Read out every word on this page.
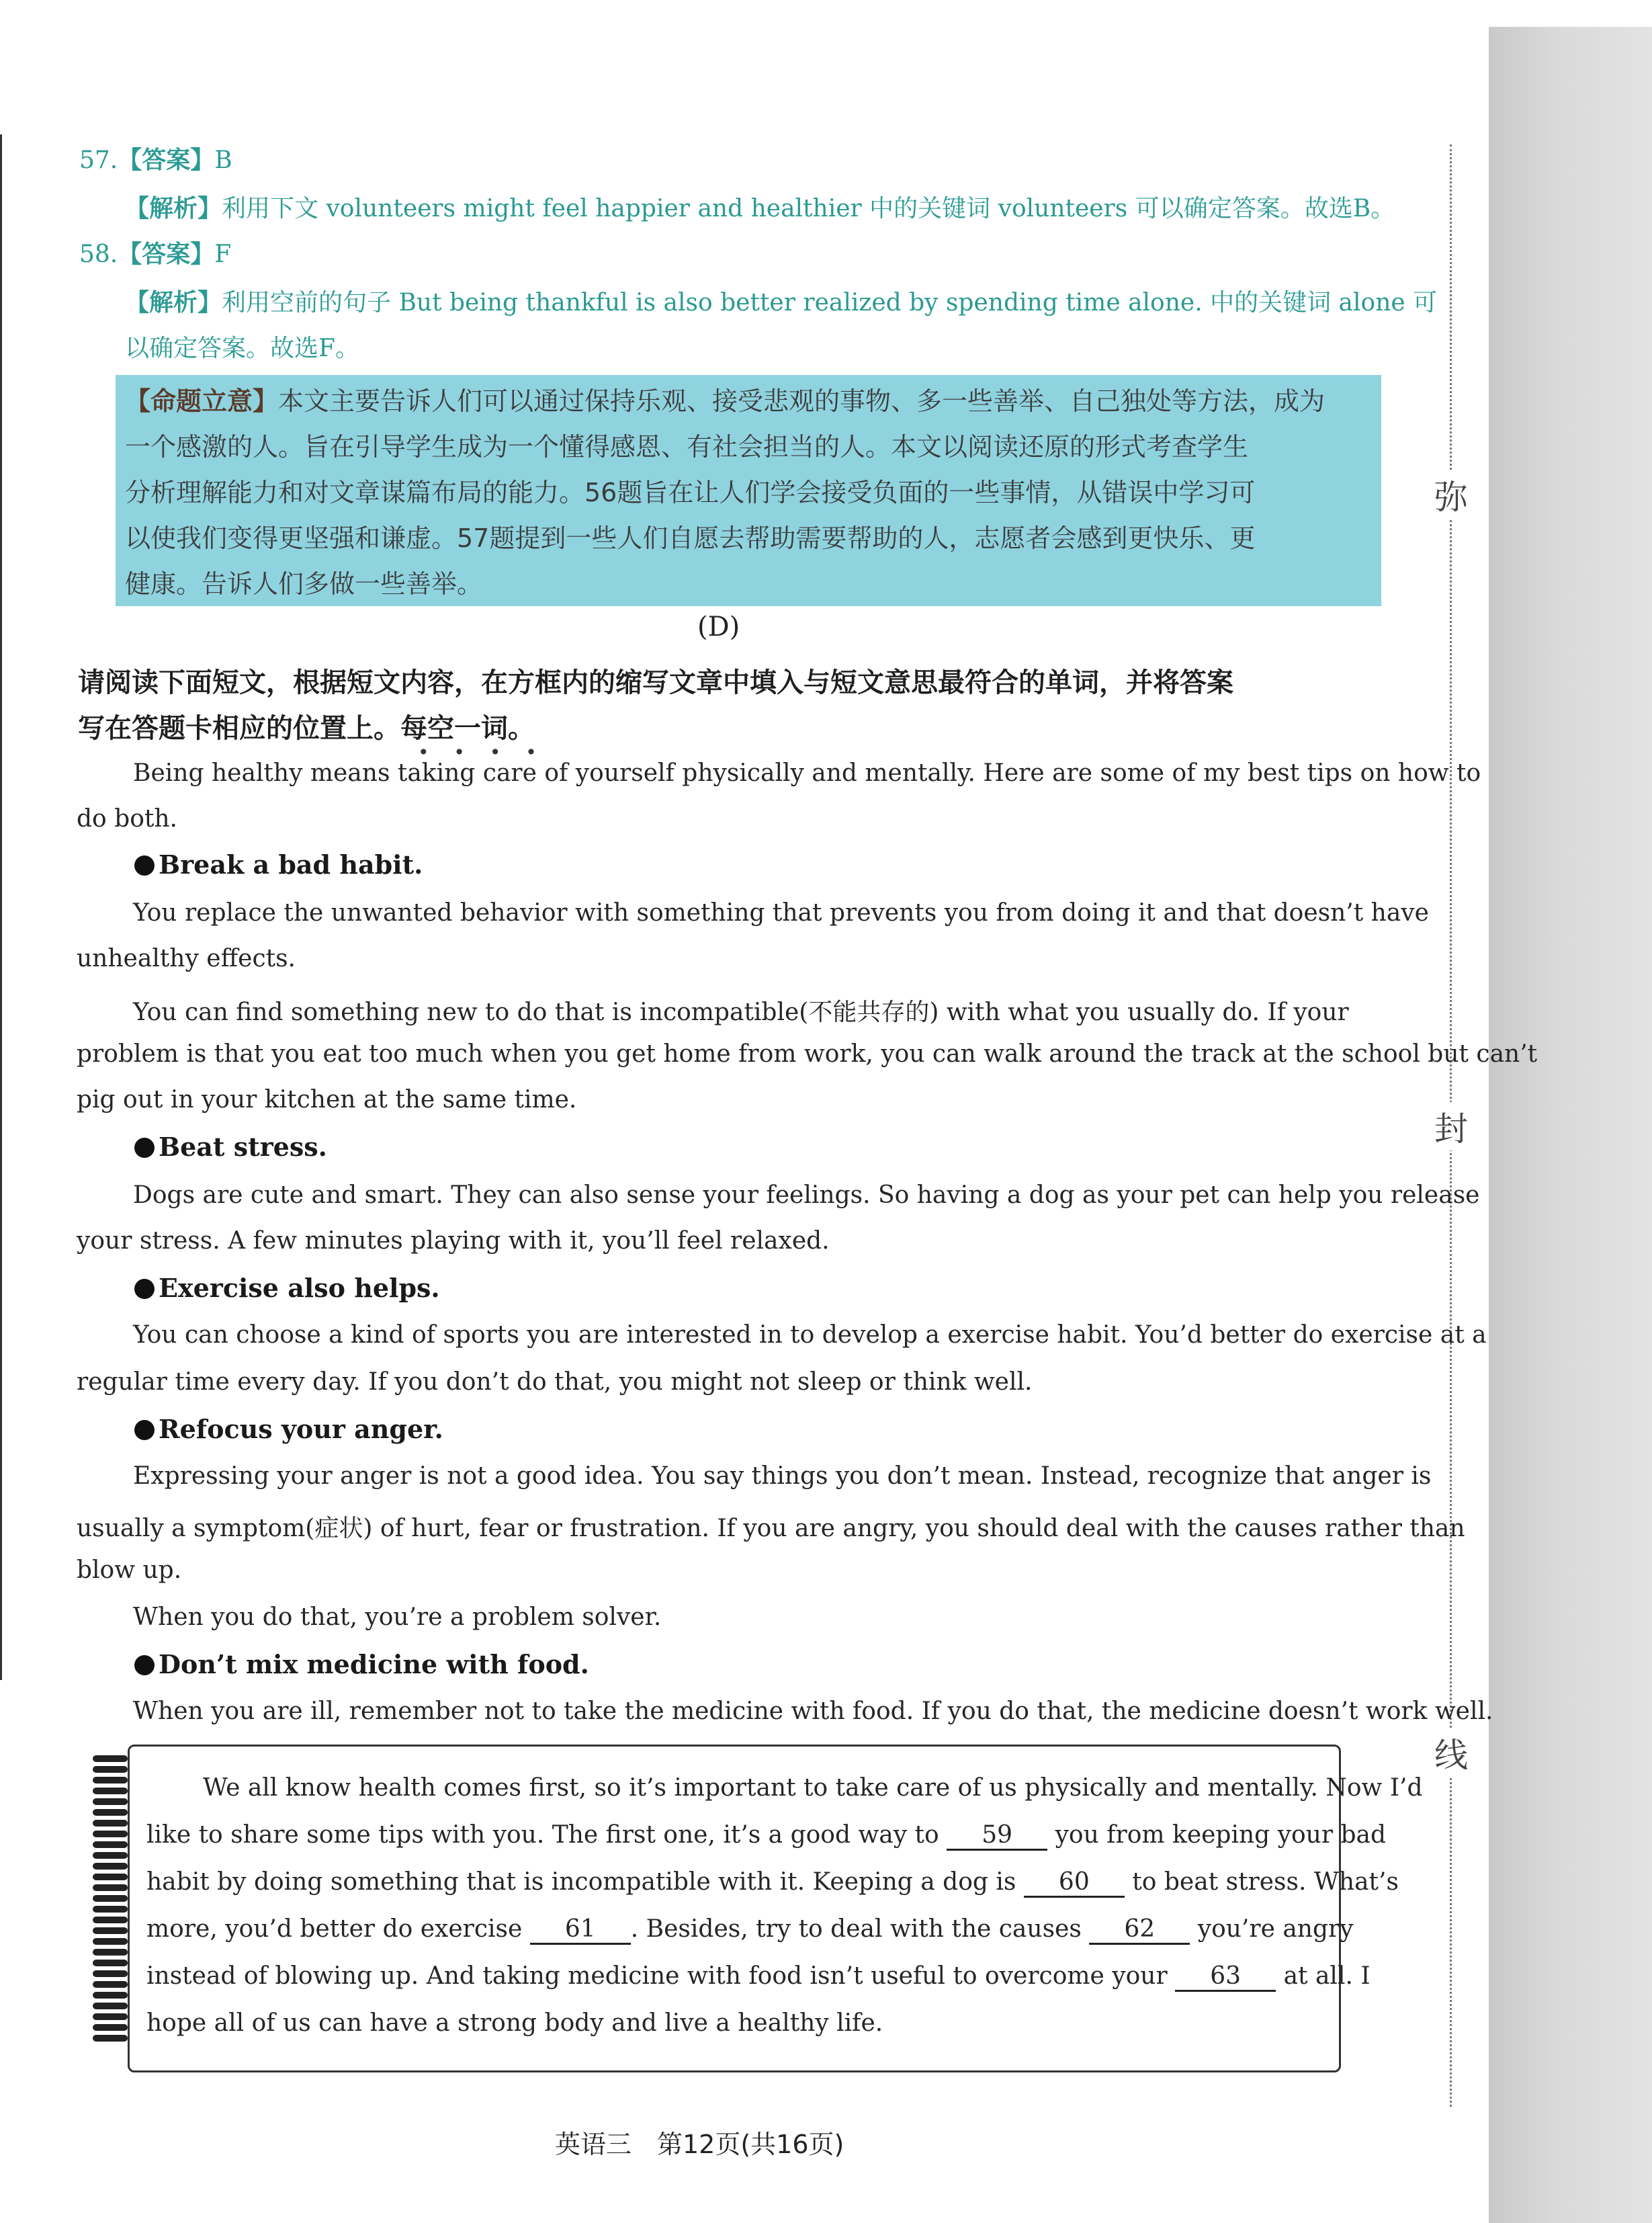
弥
封
线
57.【答案】B
【解析】利用下文 volunteers might feel happier and healthier 中的关键词 volunteers 可以确定答案。故选B。
58.【答案】F
【解析】利用空前的句子 But being thankful is also better realized by spending time alone. 中的关键词 alone 可
以确定答案。故选F。
【命题立意】本文主要告诉人们可以通过保持乐观、接受悲观的事物、多一些善举、自己独处等方法，成为
一个感激的人。旨在引导学生成为一个懂得感恩、有社会担当的人。本文以阅读还原的形式考查学生
分析理解能力和对文章谋篇布局的能力。56题旨在让人们学会接受负面的一些事情，从错误中学习可
以使我们变得更坚强和谦虚。57题提到一些人们自愿去帮助需要帮助的人，志愿者会感到更快乐、更
健康。告诉人们多做一些善举。
(D)
请阅读下面短文，根据短文内容，在方框内的缩写文章中填入与短文意思最符合的单词，并将答案
写在答题卡相应的位置上。每空一词。
• • • •
Being healthy means taking care of yourself physically and mentally. Here are some of my best tips on how to
do both.
Break a bad habit.
You replace the unwanted behavior with something that prevents you from doing it and that doesn’t have
unhealthy effects.
You can find something new to do that is incompatible(不能共存的) with what you usually do. If your
problem is that you eat too much when you get home from work, you can walk around the track at the school but can’t
pig out in your kitchen at the same time.
Beat stress.
Dogs are cute and smart. They can also sense your feelings. So having a dog as your pet can help you release
your stress. A few minutes playing with it, you’ll feel relaxed.
Exercise also helps.
You can choose a kind of sports you are interested in to develop a exercise habit. You’d better do exercise at a
regular time every day. If you don’t do that, you might not sleep or think well.
Refocus your anger.
Expressing your anger is not a good idea. You say things you don’t mean. Instead, recognize that anger is
usually a symptom(症状) of hurt, fear or frustration. If you are angry, you should deal with the causes rather than
blow up.
When you do that, you’re a problem solver.
Don’t mix medicine with food.
When you are ill, remember not to take the medicine with food. If you do that, the medicine doesn’t work well.
We all know health comes first, so it’s important to take care of us physically and mentally. Now I’d
like to share some tips with you. The first one, it’s a good way to 59 you from keeping your bad
habit by doing something that is incompatible with it. Keeping a dog is 60 to beat stress. What’s
more, you’d better do exercise 61 . Besides, try to deal with the causes 62 you’re angry
instead of blowing up. And taking medicine with food isn’t useful to overcome your 63 at all. I
hope all of us can have a strong body and live a healthy life.
英语三　第12页(共16页)
